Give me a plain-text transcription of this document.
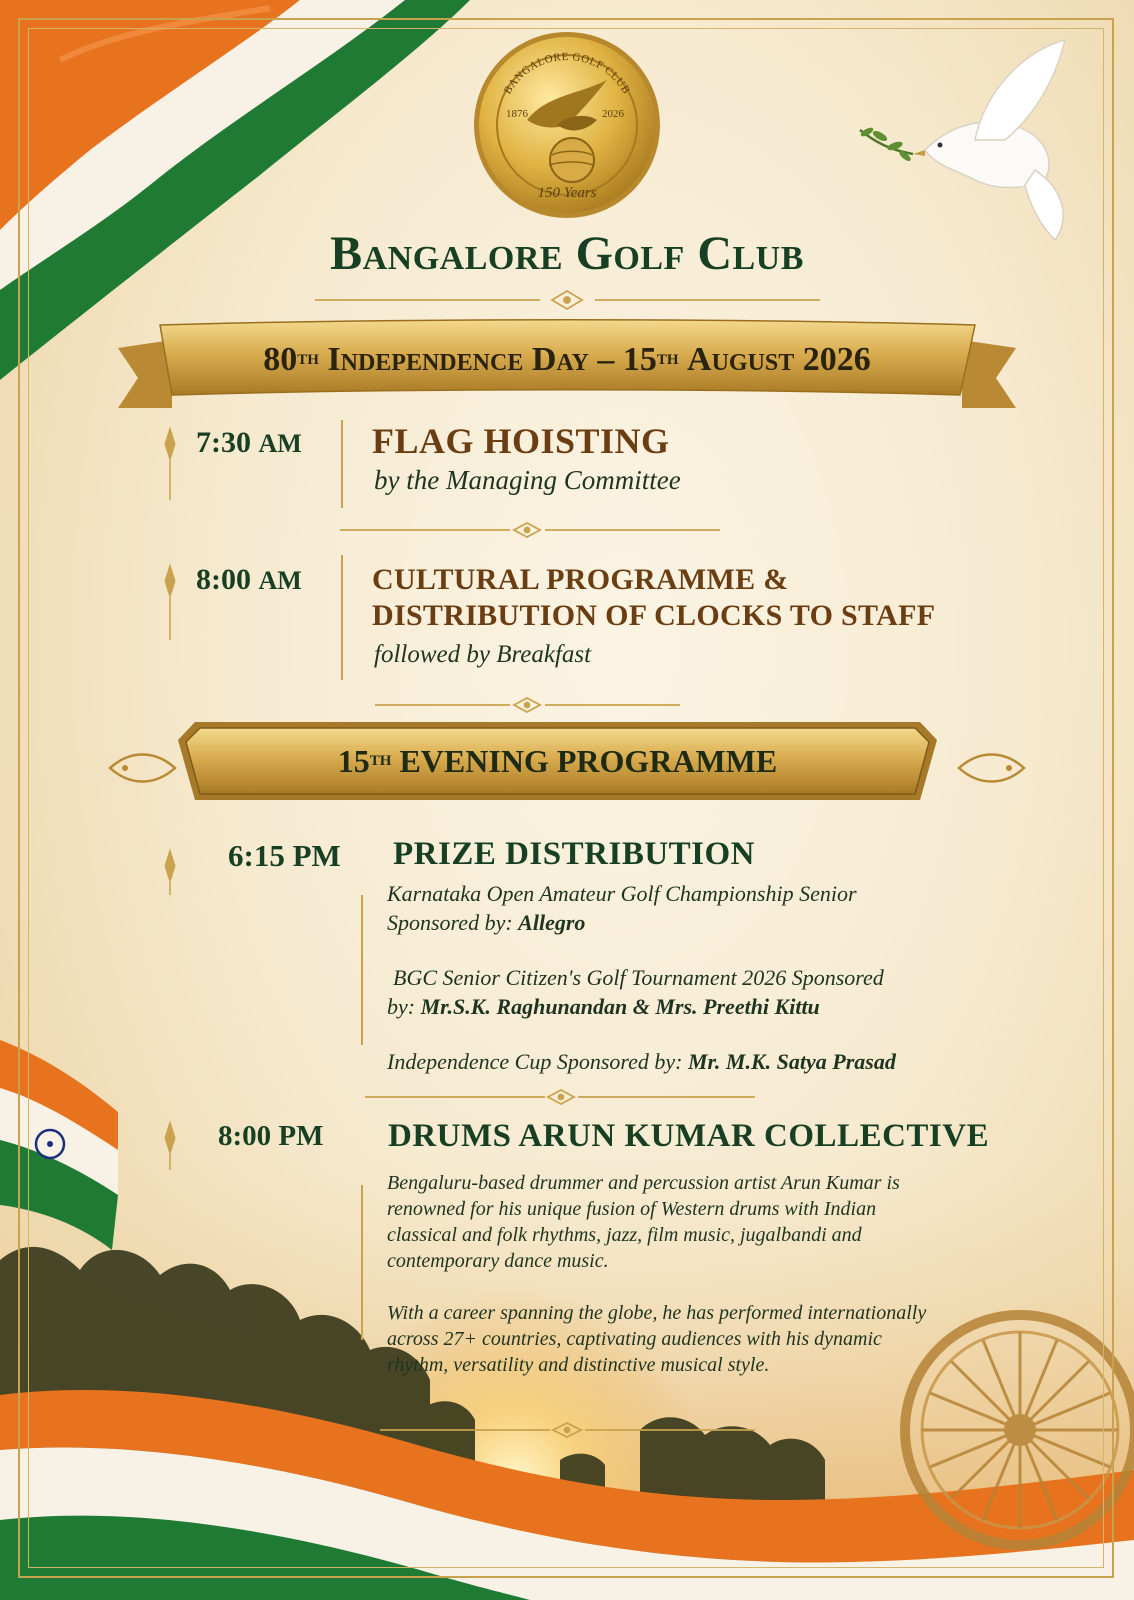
BANGALORE GOLF CLUB
1876	2026
150 Years
Bangalore Golf Club
80 TH
Independence Day – 15 TH
August 2026
7:30 AM FLAG HOISTING
by the Managing Committee
8:00 AM CULTURAL PROGRAMME &
DISTRIBUTION OF CLOCKS TO STAFF
followed by Breakfast
15 TH
EVENING PROGRAMME
6:15 PM PRIZE DISTRIBUTION
Karnataka Open Amateur Golf Championship Senior
Sponsored by: Allegro
BGC Senior Citizen's Golf Tournament 2026 Sponsored
by: Mr.S.K. Raghunandan & Mrs. Preethi Kittu
Independence Cup Sponsored by: Mr. M.K. Satya Prasad
8:00 PM DRUMS ARUN KUMAR COLLECTIVE
Bengaluru-based drummer and percussion artist Arun Kumar is
renowned for his unique fusion of Western drums with Indian
classical and folk rhythms, jazz, film music, jugalbandi and
contemporary dance music.
With a career spanning the globe, he has performed internationally
across 27+ countries, captivating audiences with his dynamic
rhythm, versatility and distinctive musical style.
